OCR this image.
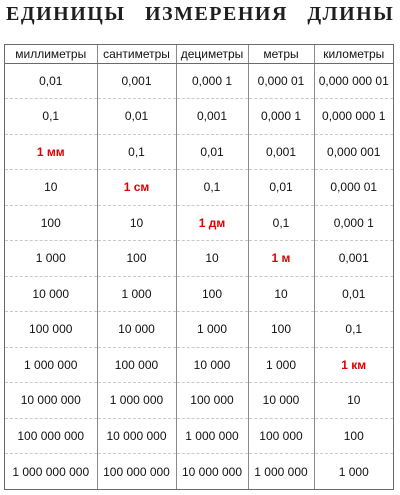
ЕДИНИЦЫ   ИЗМЕРЕНИЯ   ДЛИНЫ
миллиметры	сантиметры	дециметры	метры	километры
0,01	0,001	0,000 1	0,000 01	0,000 000 01
0,1	0,01	0,001	0,000 1	0,000 000 1
1 мм	0,1	0,01	0,001	0,000 001
10	1 см	0,1	0,01	0,000 01
100	10	1 дм	0,1	0,000 1
1 000	100	10	1 м	0,001
10 000	1 000	100	10	0,01
100 000	10 000	1 000	100	0,1
1 000 000	100 000	10 000	1 000	1 км
10 000 000	1 000 000	100 000	10 000	10
100 000 000	10 000 000	1 000 000	100 000	100
1 000 000 000	100 000 000	10 000 000	1 000 000	1 000
